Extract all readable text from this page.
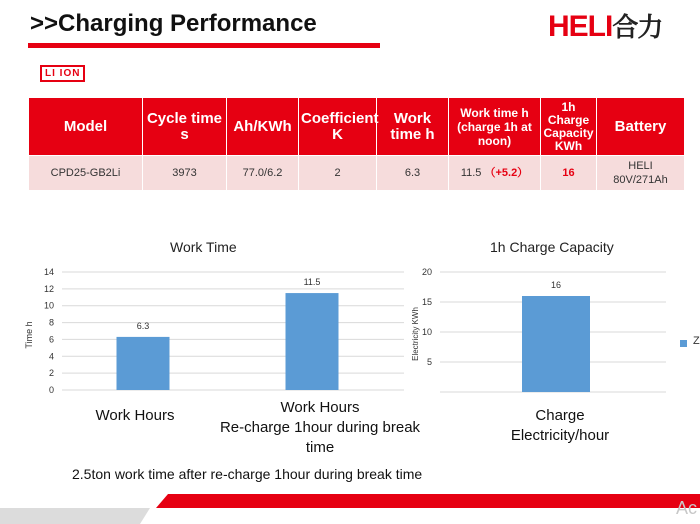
>>Charging Performance	HELI合力
LI ION
Model	Cycle time s	Ah/KWh	Coefficient K	Work time h	Work time h (charge 1h at noon)	1h Charge Capacity KWh	Battery
CPD25-GB2Li	3973	77.0/6.2	2	6.3	11.5 （+5.2）	16	HELI
80V/271Ah
Work Time
Time h
0
2
4
6
8
10
12
14
6.3
11.5
Work Hours	Work Hours
Re-charge 1hour during break
time
1h Charge Capacity
Electricity KWh
5
10
15
20
16
Charge
Electricity/hour
Z
2.5ton work time after re-charge 1hour during break time
Ac
